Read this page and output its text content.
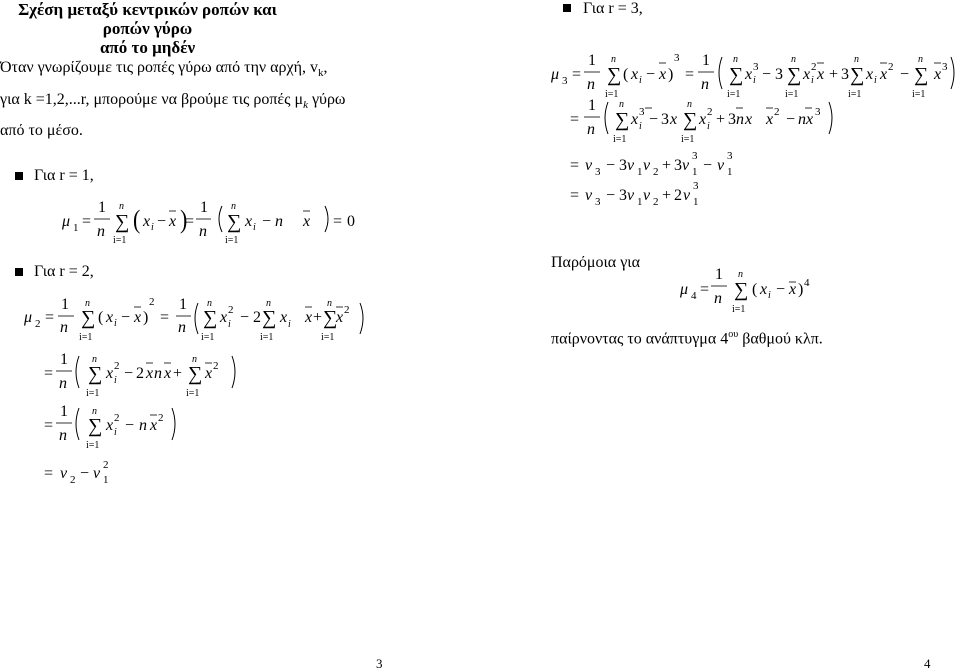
Σχέση μεταξύ κεντρικών ροπών και ροπών γύρω
από το μηδέν
Όταν γνωρίζουμε τις ροπές γύρω από την αρχή, $v_k$,
για k =1,2,...r, μπορούμε να βρούμε τις ροπές $\mu_k$ γύρω
από το μέσο.
Για r = 1,
Για r = 2,
Για r = 3,
Παρόμοια για
παίρνοντας το ανάπτυγμα $4^{o\upsilon}$ βαθμού κλπ.
3	4
μ 1 =
1
n ∑
n
i=1
( x i − x )
=
1
n ∑
n
i=1
x i − n x = 0
μ 2 =
1
n ∑
n
i=1
( x i − x )
2
=
1
n ∑
n
i=1
x 2
i − 2 ∑
n
i=1
x i x + ∑
n
i=1
x 2
=
1
n ∑
n
i=1
x 2
i − 2 x n x + ∑
n
i=1
x 2
=
1
n ∑
n
i=1
x 2
i − n x 2
= ν 2 − ν 1
2
μ 3 =
1
n ∑
n
i=1
( x i − x )
3
=
1
n ∑
n
i=1
x 3
i − 3 ∑
n
i=1
x 2
i x + 3 ∑
n
i=1
x i x 2 − ∑
n
i=1
x 3
=
1
n ∑
n
i=1
x 3
i − 3 x ∑
n
i=1
x 2
i + 3 n x x 2 − n x 3
= ν 3 − 3 ν 1 ν 2 + 3 ν 1
3
− ν 1
3
= ν 3 − 3 ν 1 ν 2 + 2 ν 1
3
μ 4 =
1
n ∑
n
i=1
( x i − x ) 4
